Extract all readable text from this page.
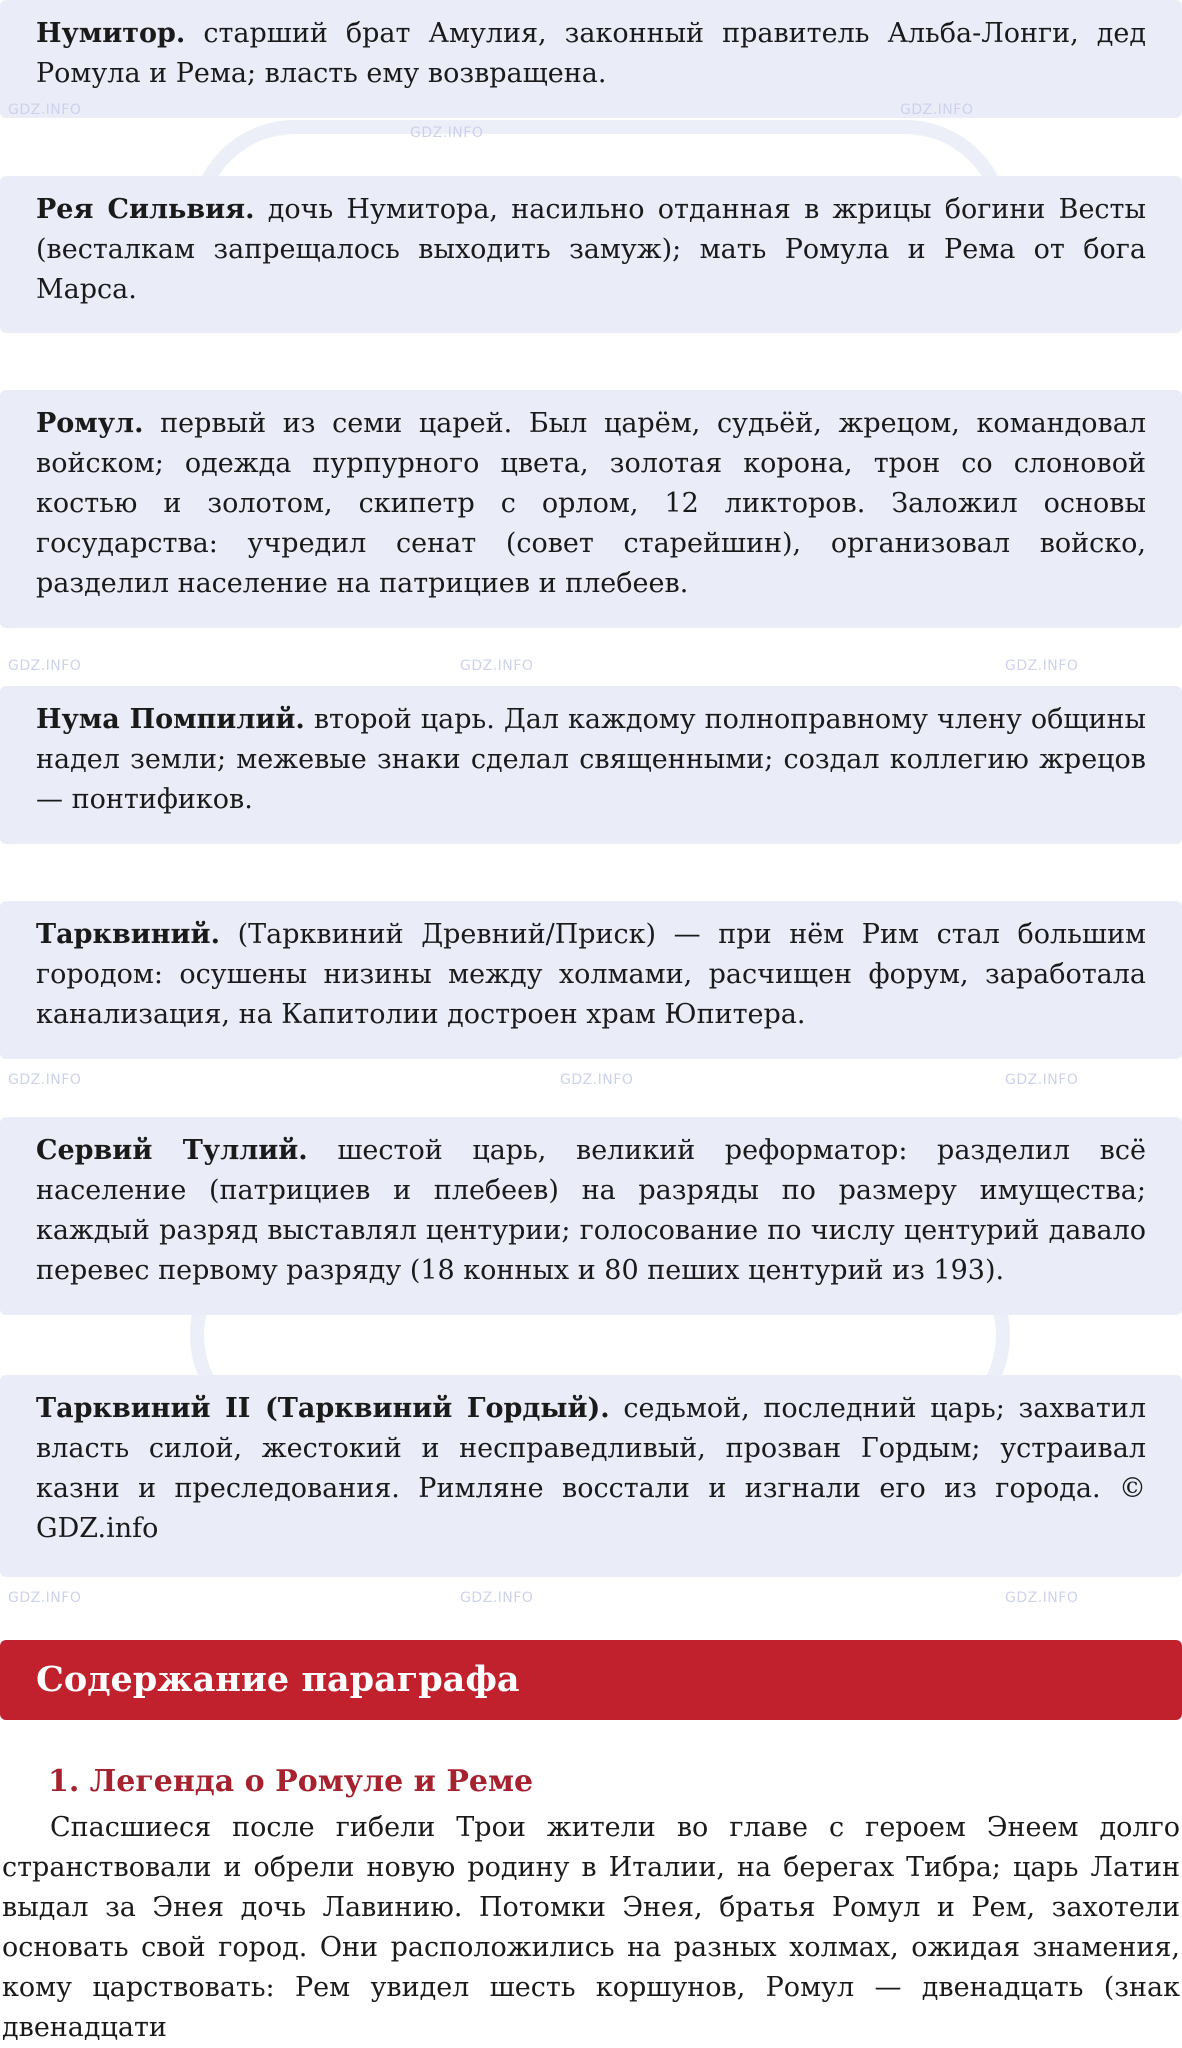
Нумитор. старший брат Амулия, законный правитель Альба-Лонги, дед Ромула и Рема; власть ему возвращена.
Рея Сильвия. дочь Нумитора, насильно отданная в жрицы богини Весты (весталкам запрещалось выходить замуж); мать Ромула и Рема от бога Марса.
Ромул. первый из семи царей. Был царём, судьёй, жрецом, командовал войском; одежда пурпурного цвета, золотая корона, трон со слоновой костью и золотом, скипетр с орлом, 12 ликторов. Заложил основы государства: учредил сенат (совет старейшин), организовал войско, разделил население на патрициев и плебеев.
Нума Помпилий. второй царь. Дал каждому полноправному члену общины надел земли; межевые знаки сделал священными; создал коллегию жрецов — понтификов.
Тарквиний. (Тарквиний Древний/Приск) — при нём Рим стал большим городом: осушены низины между холмами, расчищен форум, заработала канализация, на Капитолии достроен храм Юпитера.
Сервий Туллий. шестой царь, великий реформатор: разделил всё население (патрициев и плебеев) на разряды по размеру имущества; каждый разряд выставлял центурии; голосование по числу центурий давало перевес первому разряду (18 конных и 80 пеших центурий из 193).
Тарквиний II (Тарквиний Гордый). седьмой, последний царь; захватил власть силой, жестокий и несправедливый, прозван Гордым; устраивал казни и преследования. Римляне восстали и изгнали его из города. © GDZ.info
Содержание параграфа
1. Легенда о Ромуле и Реме
Спасшиеся после гибели Трои жители во главе с героем Энеем долго странствовали и обрели новую родину в Италии, на берегах Тибра; царь Латин выдал за Энея дочь Лавинию. Потомки Энея, братья Ромул и Рем, захотели основать свой город. Они расположились на разных холмах, ожидая знамения, кому царствовать: Рем увидел шесть коршунов, Ромул — двенадцать (знак двенадцати
GDZ.INFO
GDZ.INFO
GDZ.INFO
GDZ.INFO	GDZ.INFO	GDZ.INFO
GDZ.INFO	GDZ.INFO	GDZ.INFO
GDZ.INFO	GDZ.INFO	GDZ.INFO
